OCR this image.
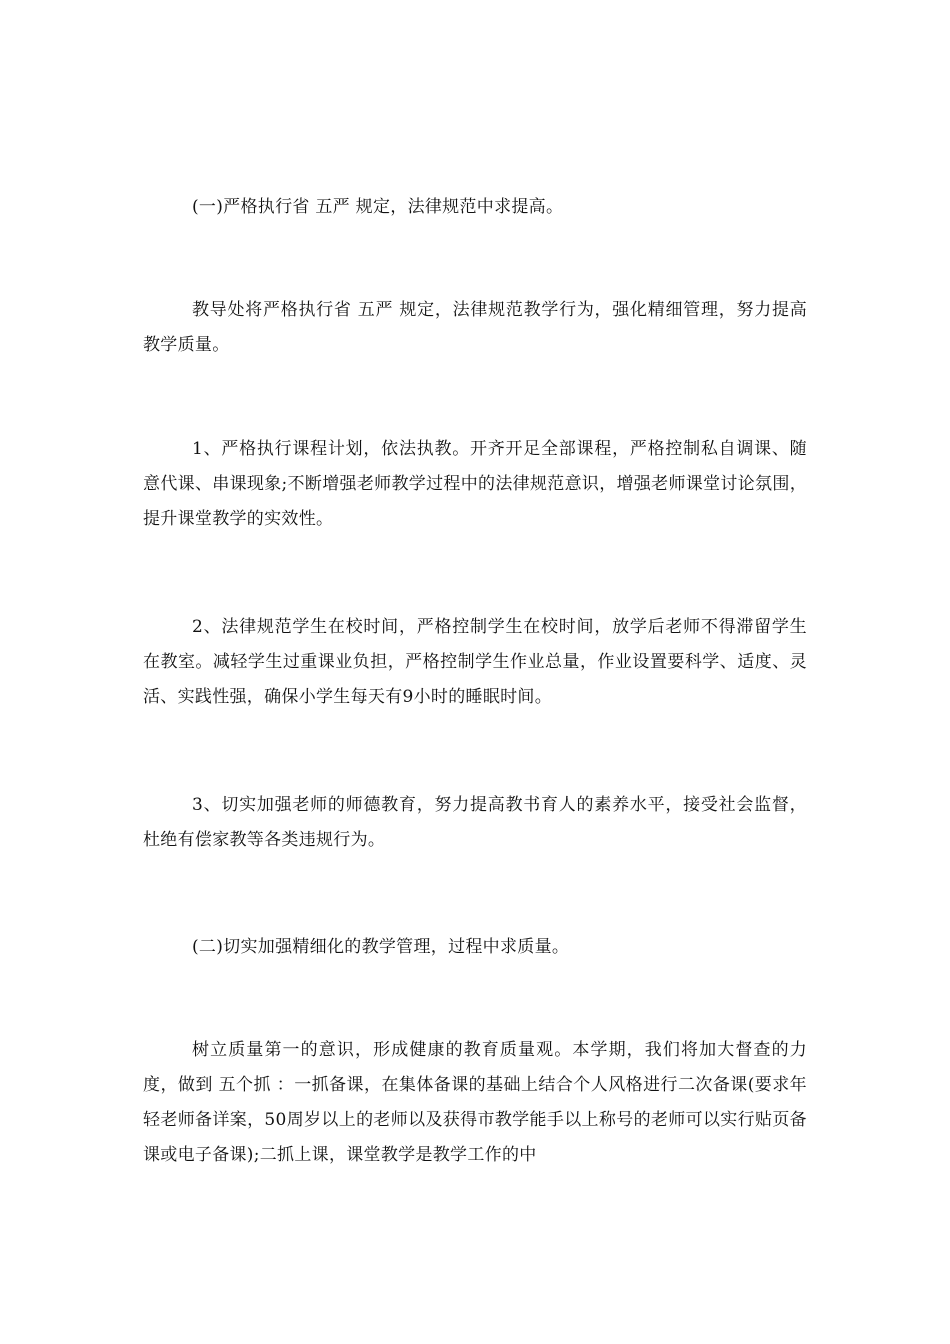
(一)严格执行省 五严 规定，法律规范中求提高。

教导处将严格执行省 五严 规定，法律规范教学行为，强化精细管理，努力提高教学质量。

1、严格执行课程计划，依法执教。开齐开足全部课程，严格控制私自调课、随意代课、串课现象;不断增强老师教学过程中的法律规范意识，增强老师课堂讨论氛围，提升课堂教学的实效性。

2、法律规范学生在校时间，严格控制学生在校时间，放学后老师不得滞留学生在教室。减轻学生过重课业负担，严格控制学生作业总量，作业设置要科学、适度、灵活、实践性强，确保小学生每天有9小时的睡眠时间。

3、切实加强老师的师德教育，努力提高教书育人的素养水平，接受社会监督，杜绝有偿家教等各类违规行为。

(二)切实加强精细化的教学管理，过程中求质量。

树立质量第一的意识，形成健康的教育质量观。本学期，我们将加大督查的力度，做到 五个抓 ：一抓备课，在集体备课的基础上结合个人风格进行二次备课(要求年轻老师备详案，50周岁以上的老师以及获得市教学能手以上称号的老师可以实行贴页备课或电子备课);二抓上课，课堂教学是教学工作的中
